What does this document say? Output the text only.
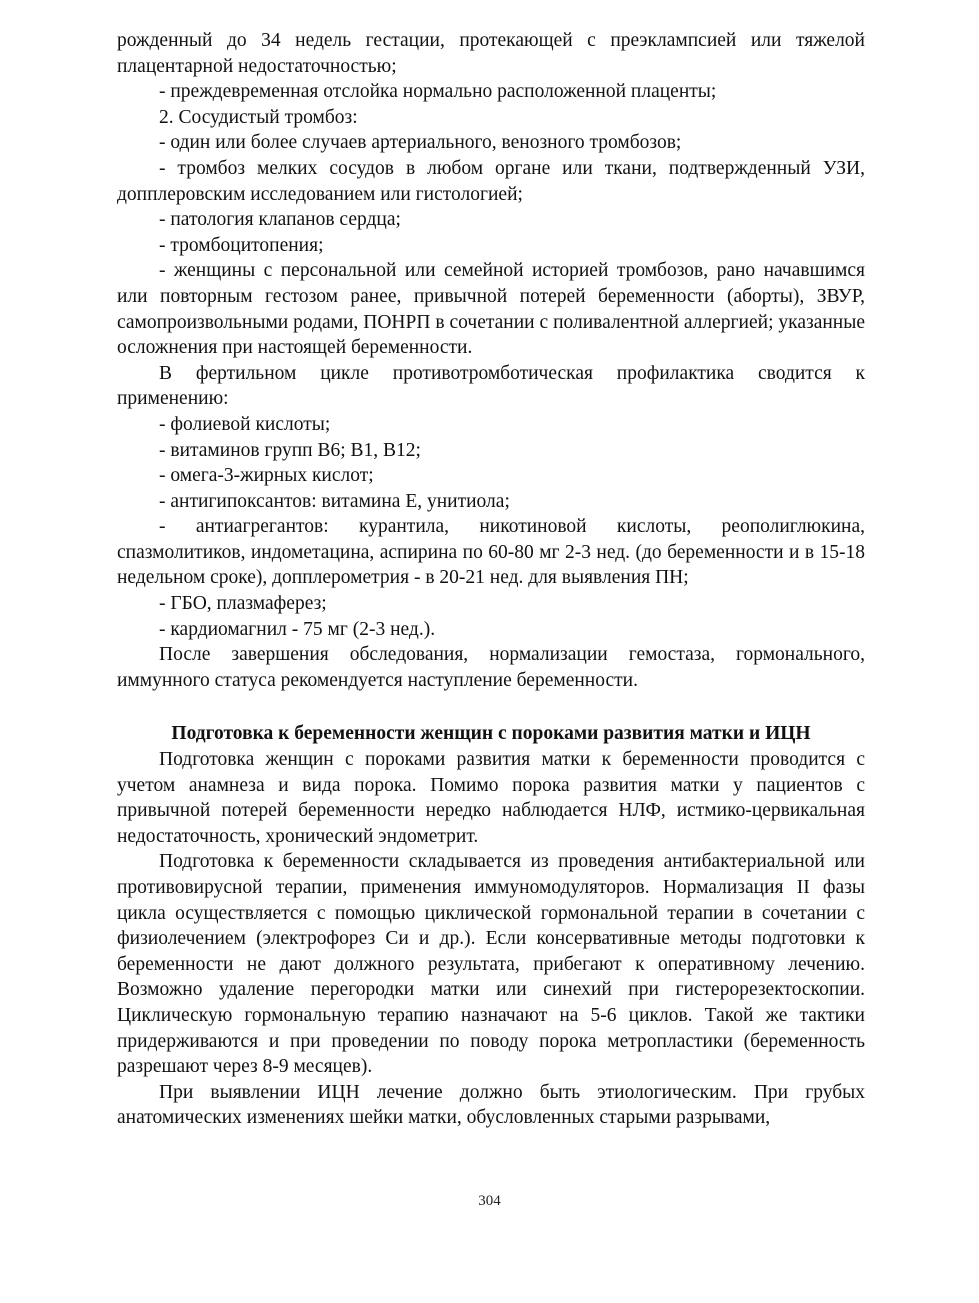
рожденный до 34 недель гестации, протекающей с преэклампсией или тяжелой плацентарной недостаточностью;

- преждевременная отслойка нормально расположенной плаценты;

2. Сосудистый тромбоз:

- один или более случаев артериального, венозного тромбозов;

- тромбоз мелких сосудов в любом органе или ткани, подтвержденный УЗИ, допплеровским исследованием или гистологией;

- патология клапанов сердца;

- тромбоцитопения;

- женщины с персональной или семейной историей тромбозов, рано начавшимся или повторным гестозом ранее, привычной потерей беременности (аборты), ЗВУР, самопроизвольными родами, ПОНРП в сочетании с поливалентной аллергией; указанные осложнения при настоящей беременности.

В фертильном цикле противотромботическая профилактика сводится к применению:

- фолиевой кислоты;

- витаминов групп В6; В1, В12;

- омега-3-жирных кислот;

- антигипоксантов: витамина Е, унитиола;

- антиагрегантов: курантила, никотиновой кислоты, реополиглюкина, спазмолитиков, индометацина, аспирина по 60-80 мг 2-3 нед. (до беременности и в 15-18 недельном сроке), допплерометрия - в 20-21 нед. для выявления ПН;

- ГБО, плазмаферез;

- кардиомагнил - 75 мг (2-3 нед.).

После завершения обследования, нормализации гемостаза, гормонального, иммунного статуса рекомендуется наступление беременности.

Подготовка к беременности женщин с пороками развития матки и ИЦН

Подготовка женщин с пороками развития матки к беременности проводится с учетом анамнеза и вида порока. Помимо порока развития матки у пациентов с привычной потерей беременности нередко наблюдается НЛФ, истмико-цервикальная недостаточность, хронический эндометрит.

Подготовка к беременности складывается из проведения антибактериальной или противовирусной терапии, применения иммуномодуляторов. Нормализация II фазы цикла осуществляется с помощью циклической гормональной терапии в сочетании с физиолечением (электрофорез Си и др.). Если консервативные методы подготовки к беременности не дают должного результата, прибегают к оперативному лечению. Возможно удаление перегородки матки или синехий при гистерорезектоскопии. Циклическую гормональную терапию назначают на 5-6 циклов. Такой же тактики придерживаются и при проведении по поводу порока метропластики (беременность разрешают через 8-9 месяцев).

При выявлении ИЦН лечение должно быть этиологическим. При грубых анатомических изменениях шейки матки, обусловленных старыми разрывами,

304
